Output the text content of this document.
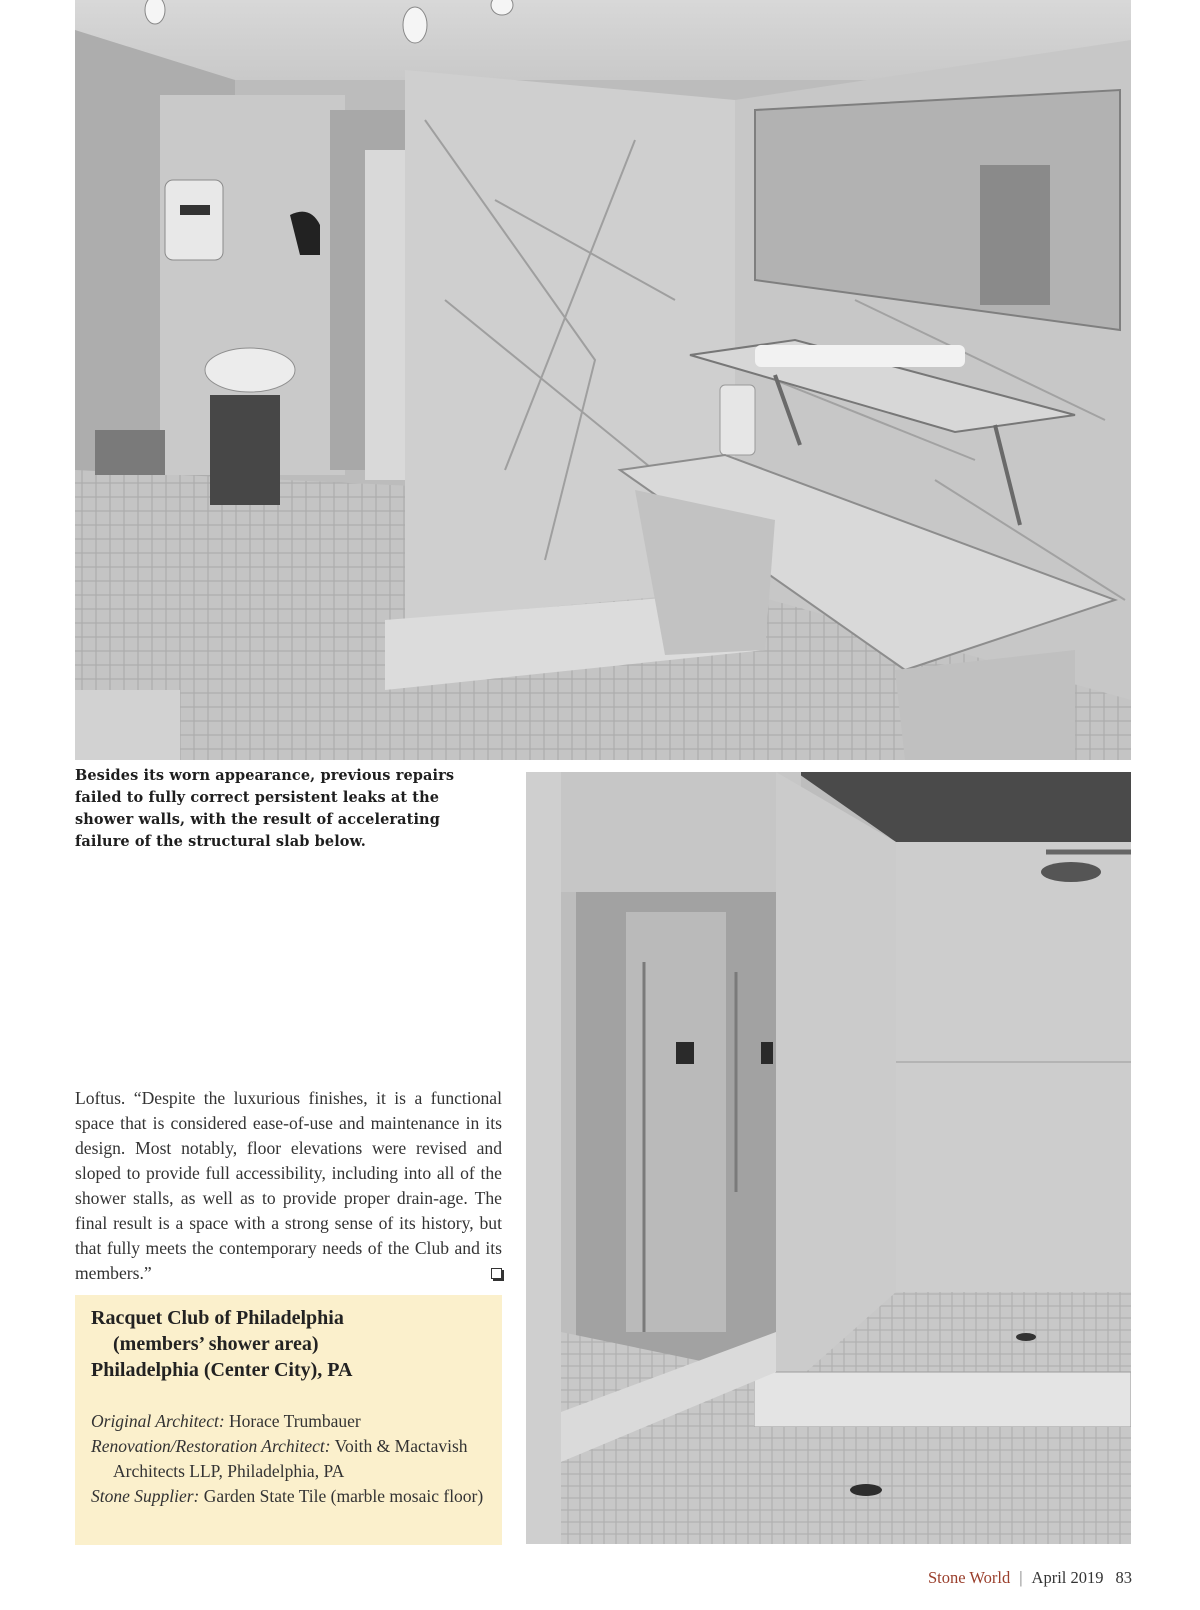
Besides its worn appearance, previous repairs failed to fully correct persistent leaks at the shower walls, with the result of accelerating failure of the structural slab below.
Loftus. “Despite the luxurious finishes, it is a functional space that is considered ease-of-use and maintenance in its design. Most notably, floor elevations were revised and sloped to provide full accessibility, including into all of the shower stalls, as well as to provide proper drain-age. The final result is a space with a strong sense of its history, but that fully meets the contemporary needs of the Club and its members.”

Racquet Club of Philadelphia

(members’ shower area)
Philadelphia (Center City), PA

Original Architect: Horace Trumbauer
Renovation/Restoration Architect: Voith & Mactavish Architects LLP, Philadelphia, PA
Stone Supplier: Garden State Tile (marble mosaic floor)
Stone World | April 2019 83
